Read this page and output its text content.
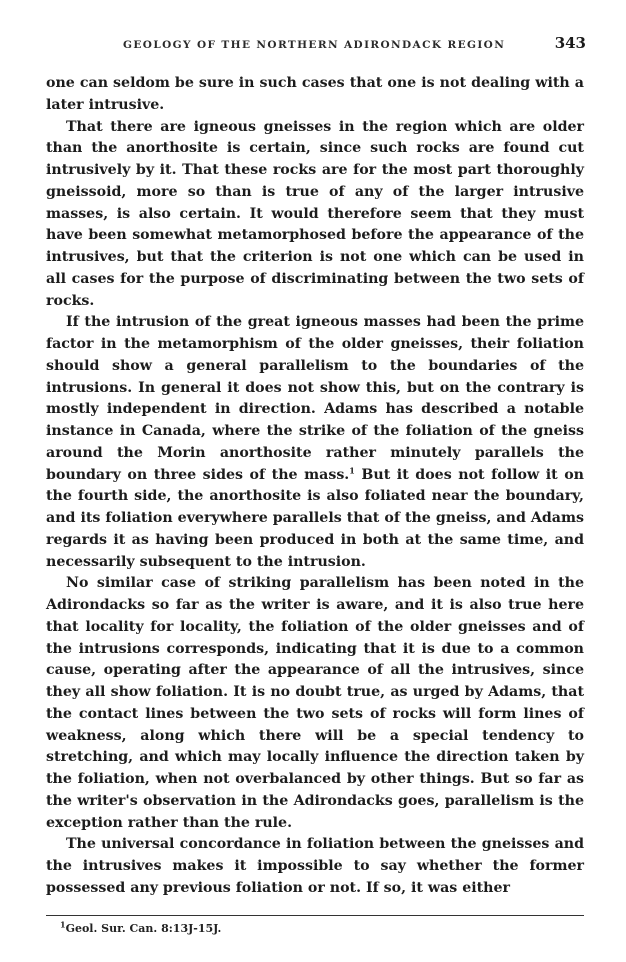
GEOLOGY OF THE NORTHERN ADIRONDACK REGION	343

one can seldom be sure in such cases that one is not dealing with a later intrusive.

That there are igneous gneisses in the region which are older than the anorthosite is certain, since such rocks are found cut intrusively by it. That these rocks are for the most part thoroughly gneissoid, more so than is true of any of the larger intrusive masses, is also certain. It would therefore seem that they must have been somewhat metamorphosed before the appearance of the intrusives, but that the criterion is not one which can be used in all cases for the purpose of discriminating between the two sets of rocks.

If the intrusion of the great igneous masses had been the prime factor in the metamorphism of the older gneisses, their foliation should show a general parallelism to the boundaries of the intrusions. In general it does not show this, but on the contrary is mostly independent in direction. Adams has described a notable instance in Canada, where the strike of the foliation of the gneiss around the Morin anorthosite rather minutely parallels the boundary on three sides of the mass.$^1$ But it does not follow it on the fourth side, the anorthosite is also foliated near the boundary, and its foliation everywhere parallels that of the gneiss, and Adams regards it as having been produced in both at the same time, and necessarily subsequent to the intrusion.

No similar case of striking parallelism has been noted in the Adirondacks so far as the writer is aware, and it is also true here that locality for locality, the foliation of the older gneisses and of the intrusions corresponds, indicating that it is due to a common cause, operating after the appearance of all the intrusives, since they all show foliation. It is no doubt true, as urged by Adams, that the contact lines between the two sets of rocks will form lines of weakness, along which there will be a special tendency to stretching, and which may locally influence the direction taken by the foliation, when not overbalanced by other things. But so far as the writer's observation in the Adirondacks goes, parallelism is the exception rather than the rule.

The universal concordance in foliation between the gneisses and the intrusives makes it impossible to say whether the former possessed any previous foliation or not. If so, it was either

$^1$Geol. Sur. Can. 8:13J-15J.
